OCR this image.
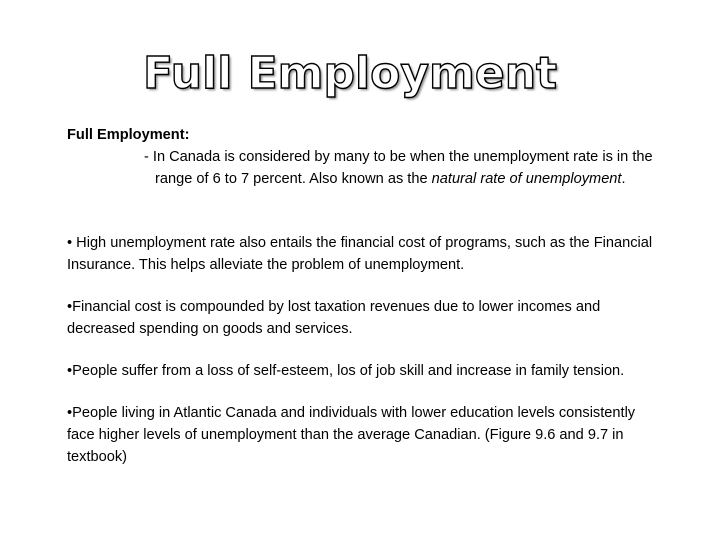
Full Employment
Full Employment:
- In Canada is considered by many to be when the unemployment rate is in the range of 6 to 7 percent. Also known as the natural rate of unemployment.
• High unemployment rate also entails the financial cost of programs, such as the Financial Insurance. This helps alleviate the problem of unemployment.
•Financial cost is compounded by lost taxation revenues due to lower incomes and decreased spending on goods and services.
•People suffer from a loss of self-esteem, los of job skill and increase in family tension.
•People living in Atlantic Canada and individuals with lower education levels consistently face higher levels of unemployment than the average Canadian. (Figure 9.6 and 9.7 in textbook)
